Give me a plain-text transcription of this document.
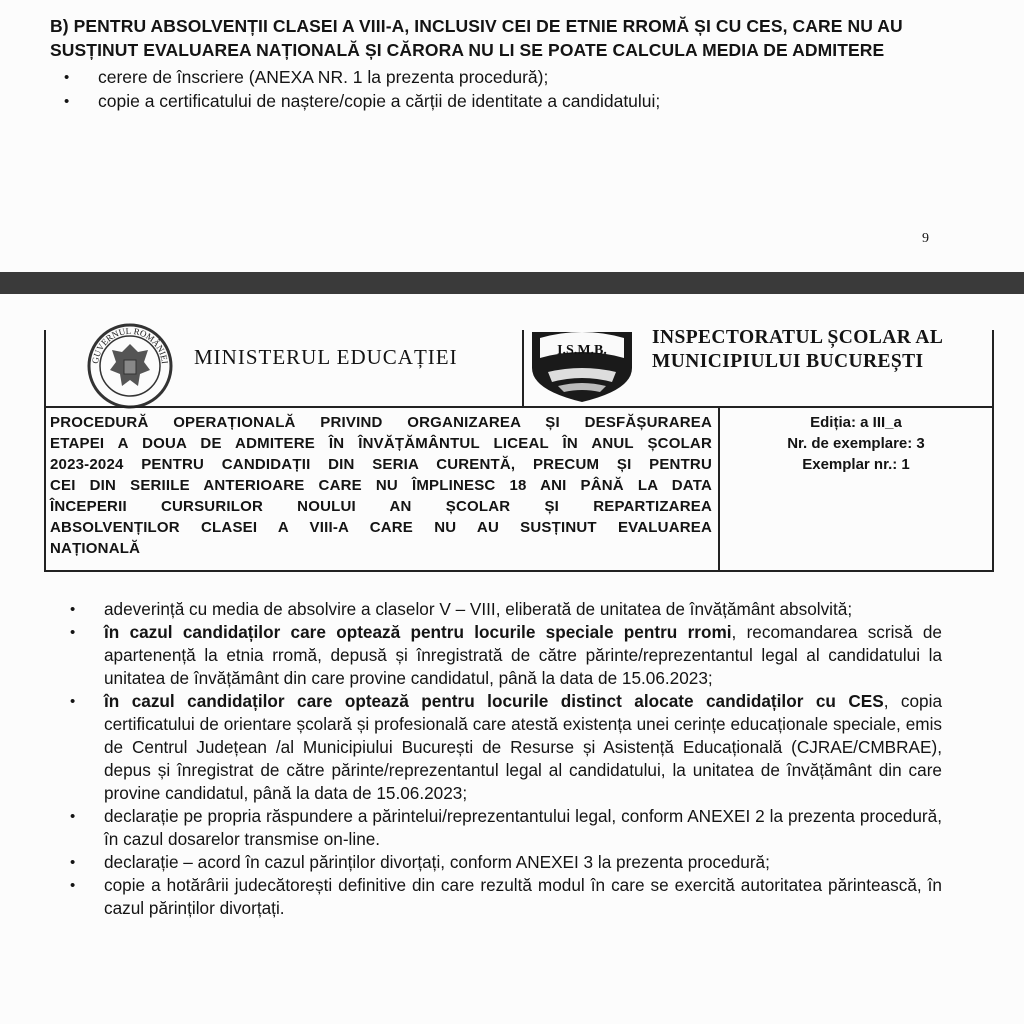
B) PENTRU ABSOLVENȚII CLASEI A VIII-A, INCLUSIV CEI DE ETNIE RROMĂ ȘI CU CES, CARE NU AU SUSȚINUT EVALUAREA NAȚIONALĂ ȘI CĂRORA NU LI SE POATE CALCULA MEDIA DE ADMITERE
• cerere de înscriere (ANEXA NR. 1 la prezenta procedură);
• copie a certificatului de naștere/copie a cărții de identitate a candidatului;
9
GUVERNUL ROMÂNIEI MINISTERUL EDUCAȚIEI	I.S.M.B.
INSPECTORATUL ȘCOLAR AL
MUNICIPIULUI BUCUREȘTI
PROCEDURĂ OPERAȚIONALĂ PRIVIND ORGANIZAREA ȘI DESFĂȘURAREA
ETAPEI A DOUA DE ADMITERE ÎN ÎNVĂȚĂMÂNTUL LICEAL ÎN ANUL ȘCOLAR
2023-2024 PENTRU CANDIDAȚII DIN SERIA CURENTĂ, PRECUM ȘI PENTRU
CEI DIN SERIILE ANTERIOARE CARE NU ÎMPLINESC 18 ANI PÂNĂ LA DATA
ÎNCEPERII CURSURILOR NOULUI AN ȘCOLAR ȘI REPARTIZAREA
ABSOLVENȚILOR CLASEI A VIII-A CARE NU AU SUSȚINUT EVALUAREA
NAȚIONALĂ
Ediția: a III_a
Nr. de exemplare: 3
Exemplar nr.: 1
• adeverință cu media de absolvire a claselor V – VIII, eliberată de unitatea de învățământ absolvită;
• în cazul candidaților care optează pentru locurile speciale pentru rromi, recomandarea scrisă de apartenență la etnia rromă, depusă și înregistrată de către părinte/reprezentantul legal al candidatului la unitatea de învățământ din care provine candidatul, până la data de 15.06.2023;
• în cazul candidaților care optează pentru locurile distinct alocate candidaților cu CES, copia certificatului de orientare școlară și profesională care atestă existența unei cerințe educaționale speciale, emis de Centrul Județean /al Municipiului București de Resurse și Asistență Educațională (CJRAE/CMBRAE), depus și înregistrat de către părinte/reprezentantul legal al candidatului, la unitatea de învățământ din care provine candidatul, până la data de 15.06.2023;
• declarație pe propria răspundere a părintelui/reprezentantului legal, conform ANEXEI 2 la prezenta procedură, în cazul dosarelor transmise on-line.
• declarație – acord în cazul părinților divorțați, conform ANEXEI 3 la prezenta procedură;
• copie a hotărârii judecătorești definitive din care rezultă modul în care se exercită autoritatea părintească, în cazul părinților divorțați.
